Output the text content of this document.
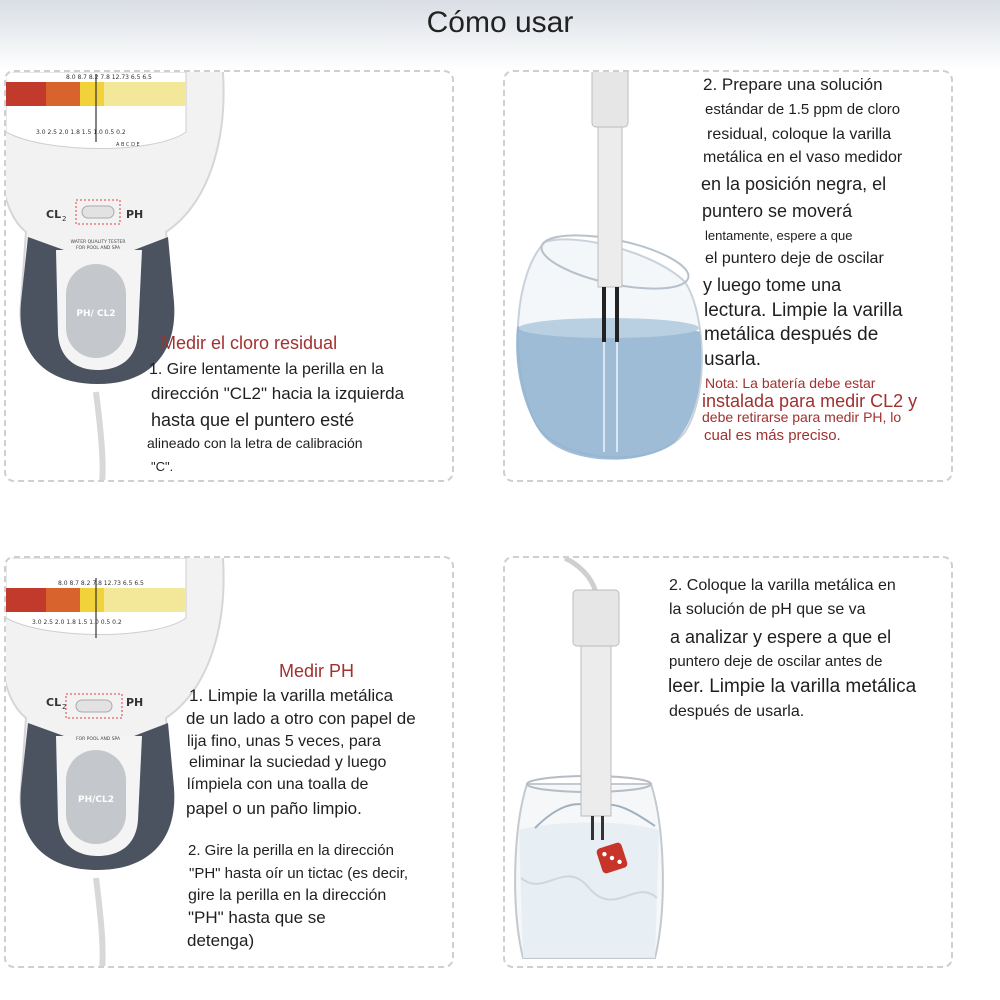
Cómo usar
PH/ CL2
8.0 8.7 8.2 7.8 12.73 6.5 6.5
3.0 2.5 2.0 1.8 1.5 1.0 0.5 0.2
A B C D E
CL 2	PH
WATER QUALITY TESTER
FOR POOL AND SPA
Medir el cloro residual
1. Gire lentamente la perilla en la
dirección "CL2" hacia la izquierda
hasta que el puntero esté
alineado con la letra de calibración
"C".
2. Prepare una solución
estándar de 1.5 ppm de cloro
residual, coloque la varilla
metálica en el vaso medidor
en la posición negra, el
puntero se moverá
lentamente, espere a que
el puntero deje de oscilar
y luego tome una
lectura. Limpie la varilla
metálica después de
usarla.
Nota: La batería debe estar
instalada para medir CL2 y
debe retirarse para medir PH, lo
cual es más preciso.
PH/CL2
8.0 8.7 8.2 7.8 12.73 6.5 6.5
3.0 2.5 2.0 1.8 1.5 1.0 0.5 0.2
CL 2	PH
FOR POOL AND SPA
Medir PH
1. Limpie la varilla metálica
de un lado a otro con papel de
lija fino, unas 5 veces, para
eliminar la suciedad y luego
límpiela con una toalla de
papel o un paño limpio.
2. Gire la perilla en la dirección
"PH" hasta oír un tictac (es decir,
gire la perilla en la dirección
"PH" hasta que se
detenga)
2. Coloque la varilla metálica en
la solución de pH que se va
a analizar y espere a que el
puntero deje de oscilar antes de
leer. Limpie la varilla metálica
después de usarla.
